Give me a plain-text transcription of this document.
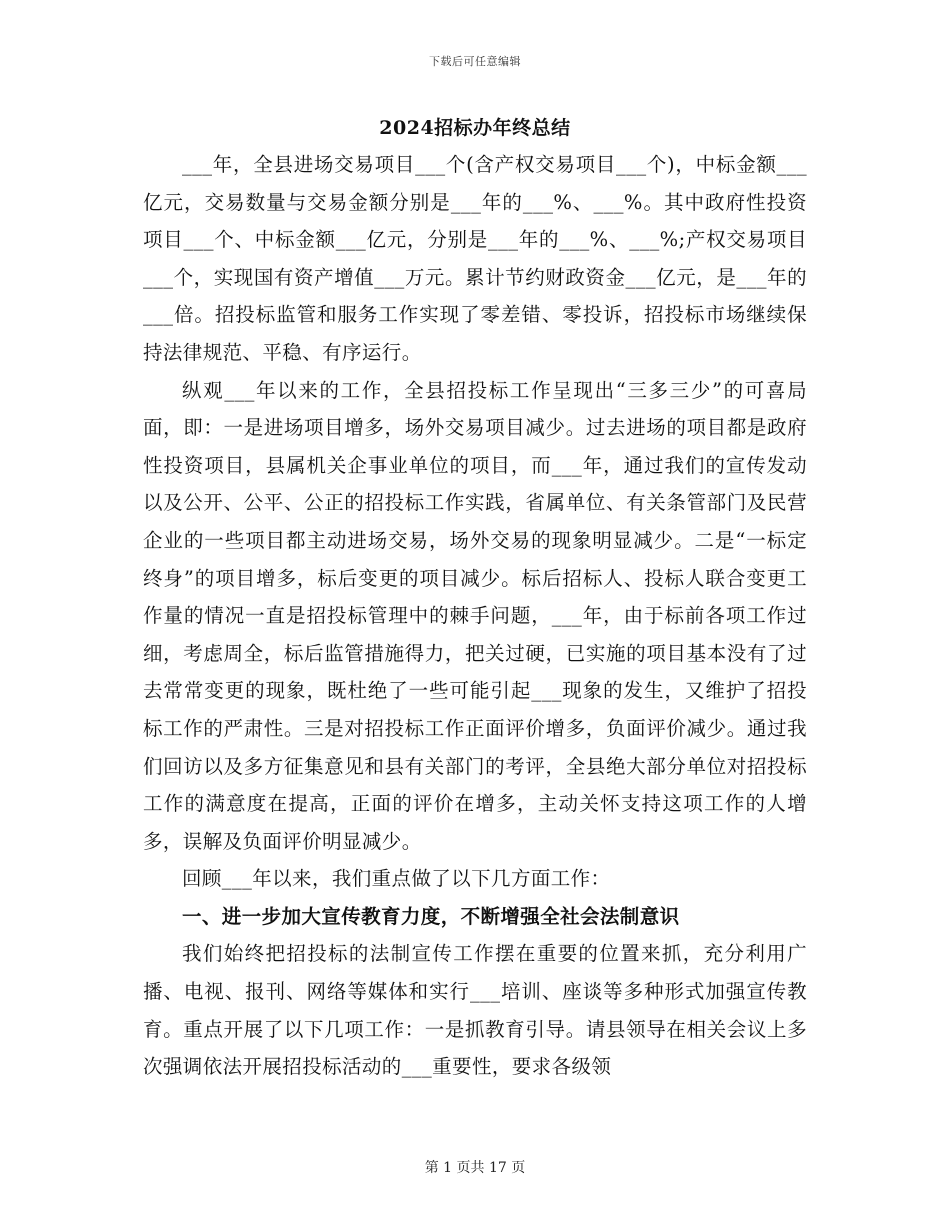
下载后可任意编辑
2024招标办年终总结

___年，全县进场交易项目___个(含产权交易项目___个)，中标金额___亿元，交易数量与交易金额分别是___年的___%、___%。其中政府性投资项目___个、中标金额___亿元，分别是___年的___%、___%;产权交易项目___个，实现国有资产增值___万元。累计节约财政资金___亿元，是___年的___倍。招投标监管和服务工作实现了零差错、零投诉，招投标市场继续保持法律规范、平稳、有序运行。

纵观___年以来的工作，全县招投标工作呈现出“三多三少”的可喜局面，即：一是进场项目增多，场外交易项目减少。过去进场的项目都是政府性投资项目，县属机关企事业单位的项目，而___年，通过我们的宣传发动以及公开、公平、公正的招投标工作实践，省属单位、有关条管部门及民营企业的一些项目都主动进场交易，场外交易的现象明显减少。二是“一标定终身”的项目增多，标后变更的项目减少。标后招标人、投标人联合变更工作量的情况一直是招投标管理中的棘手问题，___年，由于标前各项工作过细，考虑周全，标后监管措施得力，把关过硬，已实施的项目基本没有了过去常常变更的现象，既杜绝了一些可能引起___现象的发生，又维护了招投标工作的严肃性。三是对招投标工作正面评价增多，负面评价减少。通过我们回访以及多方征集意见和县有关部门的考评，全县绝大部分单位对招投标工作的满意度在提高，正面的评价在增多，主动关怀支持这项工作的人增多，误解及负面评价明显减少。

回顾___年以来，我们重点做了以下几方面工作：

一、进一步加大宣传教育力度，不断增强全社会法制意识

我们始终把招投标的法制宣传工作摆在重要的位置来抓，充分利用广播、电视、报刊、网络等媒体和实行___培训、座谈等多种形式加强宣传教育。重点开展了以下几项工作：一是抓教育引导。请县领导在相关会议上多次强调依法开展招投标活动的___重要性，要求各级领

第 1 页共 17 页
